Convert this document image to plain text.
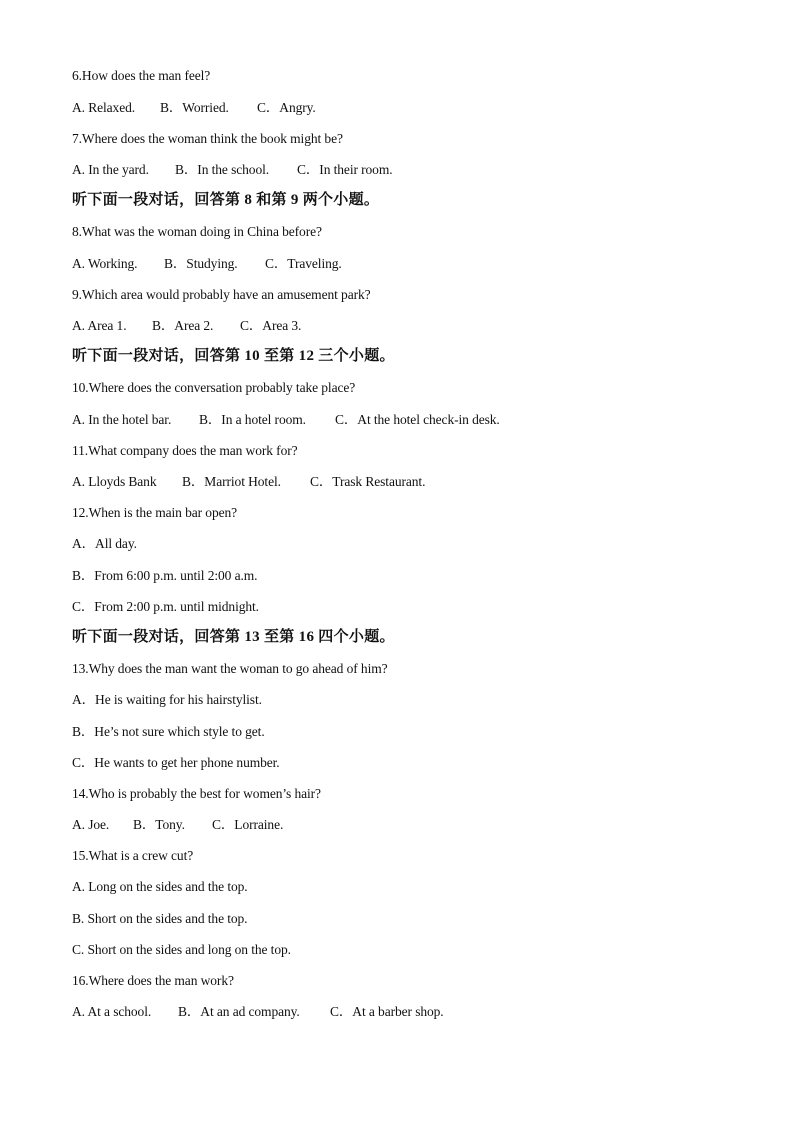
6.How does the man feel?
A. Relaxed. B．Worried. C．Angry.
7.Where does the woman think the book might be?
A. In the yard. B．In the school. C．In their room.
听下面一段对话，回答第 8 和第 9 两个小题。
8.What was the woman doing in China before?
A. Working. B．Studying. C．Traveling.
9.Which area would probably have an amusement park?
A. Area 1. B．Area 2. C．Area 3.
听下面一段对话，回答第 10 至第 12 三个小题。
10.Where does the conversation probably take place?
A. In the hotel bar. B．In a hotel room. C．At the hotel check-in desk.
11.What company does the man work for?
A. Lloyds Bank B．Marriot Hotel. C．Trask Restaurant.
12.When is the main bar open?
A．All day.
B．From 6:00 p.m. until 2:00 a.m.
C．From 2:00 p.m. until midnight.
听下面一段对话，回答第 13 至第 16 四个小题。
13.Why does the man want the woman to go ahead of him?
A．He is waiting for his hairstylist.
B．He’s not sure which style to get.
C．He wants to get her phone number.
14.Who is probably the best for women’s hair?
A. Joe. B．Tony. C．Lorraine.
15.What is a crew cut?
A. Long on the sides and the top.
B. Short on the sides and the top.
C. Short on the sides and long on the top.
16.Where does the man work?
A. At a school. B．At an ad company. C．At a barber shop.
